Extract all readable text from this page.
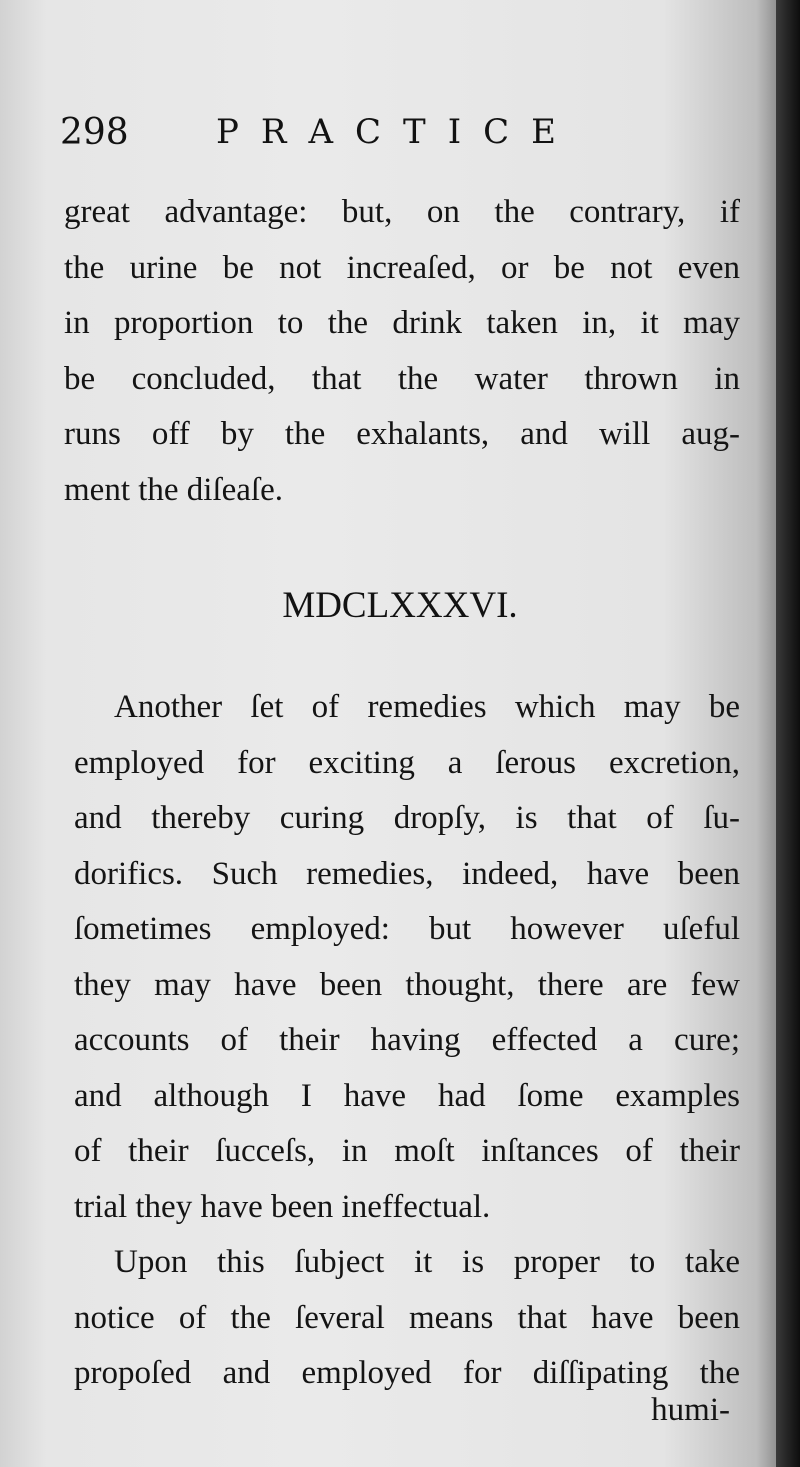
298	PRACTICE
great advantage: but, on the contrary, if
the urine be not increaſed, or be not even
in proportion to the drink taken in, it may
be concluded, that the water thrown in
runs off by the exhalants, and will aug-
ment the diſeaſe.
MDCLXXXVI.
Another ſet of remedies which may be
employed for exciting a ſerous excretion,
and thereby curing dropſy, is that of ſu-
dorifics. Such remedies, indeed, have been
ſometimes employed: but however uſeful
they may have been thought, there are few
accounts of their having effected a cure;
and although I have had ſome examples
of their ſucceſs, in moſt inſtances of their
trial they have been ineffectual.
Upon this ſubject it is proper to take
notice of the ſeveral means that have been
propoſed and employed for diſſipating the
humi-
